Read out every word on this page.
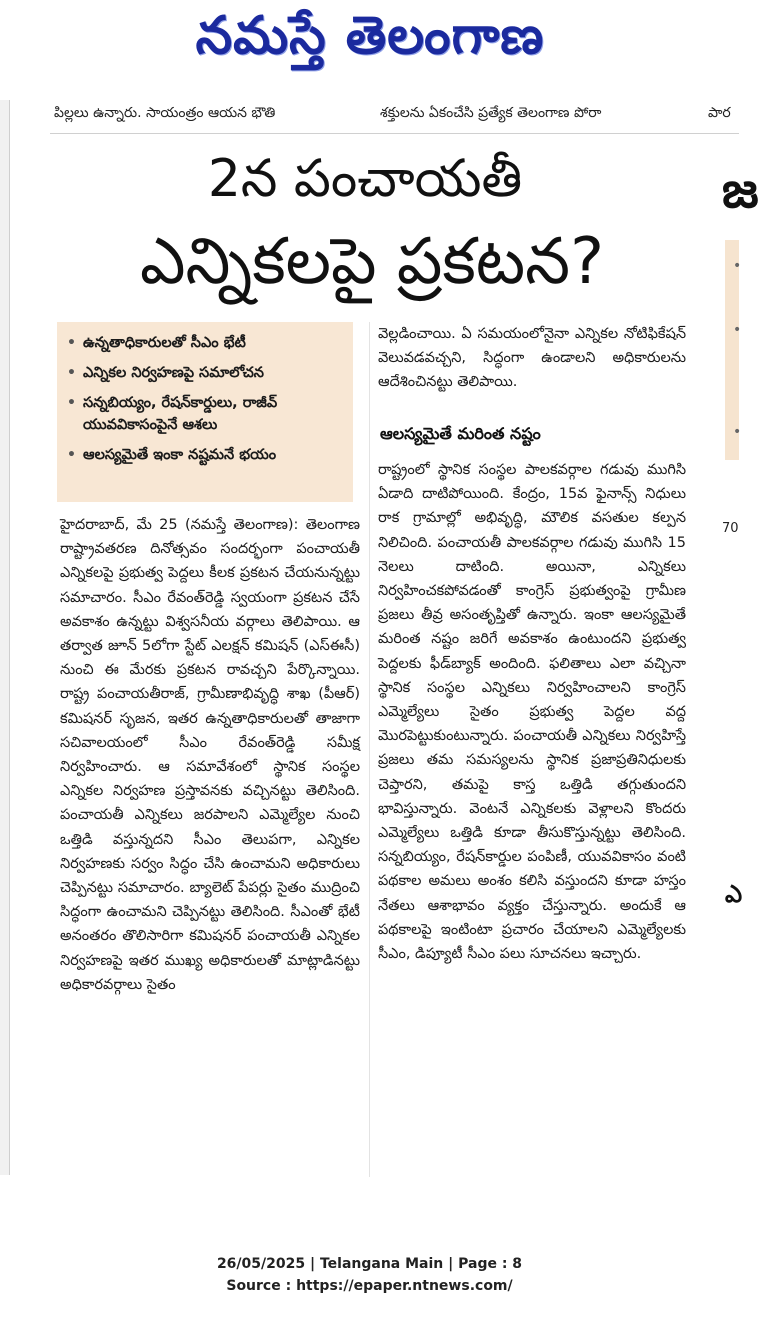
నమస్తే తెలంగాణ
పిల్లలు ఉన్నారు. సాయంత్రం ఆయన భౌతి	శక్తులను ఏకంచేసి ప్రత్యేక తెలంగాణ పోరా	పార
2న పంచాయతీ
ఎన్నికలపై ప్రకటన?
జ
•
•
•
70
ఎ
• ఉన్నతాధికారులతో సీఎం భేటీ
• ఎన్నికల నిర్వహణపై సమాలోచన
• సన్నబియ్యం, రేషన్‌కార్డులు, రాజీవ్ యువవికాసంపైనే ఆశలు
• ఆలస్యమైతే ఇంకా నష్టమనే భయం
హైదరాబాద్, మే 25 (నమస్తే తెలంగాణ): తెలంగాణ రాష్ట్రావతరణ దినోత్సవం సందర్భంగా పంచాయతీ ఎన్నికలపై ప్రభుత్వ పెద్దలు కీలక ప్రకటన చేయనున్నట్టు సమాచారం. సీఎం రేవంత్‌రెడ్డి స్వయంగా ప్రకటన చేసే అవకాశం ఉన్నట్టు విశ్వసనీయ వర్గాలు తెలిపాయి. ఆ తర్వాత జూన్ 5లోగా స్టేట్ ఎలక్షన్ కమిషన్ (ఎస్ఈసీ) నుంచి ఈ మేరకు ప్రకటన రావచ్చని పేర్కొన్నాయి. రాష్ట్ర పంచాయతీరాజ్, గ్రామీణాభివృద్ధి శాఖ (పీఆర్) కమిషనర్ సృజన, ఇతర ఉన్నతాధికారులతో తాజాగా సచివాలయంలో సీఎం రేవంత్‌రెడ్డి సమీక్ష నిర్వహించారు. ఆ సమావేశంలో స్థానిక సంస్థల ఎన్నికల నిర్వహణ ప్రస్తావనకు వచ్చినట్టు తెలిసింది. పంచాయతీ ఎన్నికలు జరపాలని ఎమ్మెల్యేల నుంచి ఒత్తిడి వస్తున్నదని సీఎం తెలుపగా, ఎన్నికల నిర్వహణకు సర్వం సిద్ధం చేసి ఉంచామని అధికారులు చెప్పినట్టు సమాచారం. బ్యాలెట్ పేపర్లు సైతం ముద్రించి సిద్ధంగా ఉంచామని చెప్పినట్టు తెలిసింది. సీఎంతో భేటీ అనంతరం తొలిసారిగా కమిషనర్ పంచాయతీ ఎన్నికల నిర్వహణపై ఇతర ముఖ్య అధికారులతో మాట్లాడినట్టు అధికారవర్గాలు సైతం
వెల్లడించాయి. ఏ సమయంలోనైనా ఎన్నికల నోటిఫికేషన్ వెలువడవచ్చని, సిద్ధంగా ఉండాలని అధికారులను ఆదేశించినట్టు తెలిపాయి.
ఆలస్యమైతే మరింత నష్టం
రాష్ట్రంలో స్థానిక సంస్థల పాలకవర్గాల గడువు ముగిసి ఏడాది దాటిపోయింది. కేంద్రం, 15వ ఫైనాన్స్ నిధులు రాక గ్రామాల్లో అభివృద్ధి, మౌలిక వసతుల కల్పన నిలిచింది. పంచాయతీ పాలకవర్గాల గడువు ముగిసి 15 నెలలు దాటింది. అయినా, ఎన్నికలు నిర్వహించకపోవడంతో కాంగ్రెస్ ప్రభుత్వంపై గ్రామీణ ప్రజలు తీవ్ర అసంతృప్తితో ఉన్నారు. ఇంకా ఆలస్యమైతే మరింత నష్టం జరిగే అవకాశం ఉంటుందని ప్రభుత్వ పెద్దలకు ఫీడ్‌బ్యాక్ అందింది. ఫలితాలు ఎలా వచ్చినా స్థానిక సంస్థల ఎన్నికలు నిర్వహించాలని కాంగ్రెస్ ఎమ్మెల్యేలు సైతం ప్రభుత్వ పెద్దల వద్ద మొరపెట్టుకుంటున్నారు. పంచాయతీ ఎన్నికలు నిర్వహిస్తే ప్రజలు తమ సమస్యలను స్థానిక ప్రజాప్రతినిధులకు చెప్తారని, తమపై కాస్త ఒత్తిడి తగ్గుతుందని భావిస్తున్నారు. వెంటనే ఎన్నికలకు వెళ్లాలని కొందరు ఎమ్మెల్యేలు ఒత్తిడి కూడా తీసుకొస్తున్నట్టు తెలిసింది. సన్నబియ్యం, రేషన్‌కార్డుల పంపిణీ, యువవికాసం వంటి పథకాల అమలు అంశం కలిసి వస్తుందని కూడా హస్తం నేతలు ఆశాభావం వ్యక్తం చేస్తున్నారు. అందుకే ఆ పథకాలపై ఇంటింటా ప్రచారం చేయాలని ఎమ్మెల్యేలకు సీఎం, డిప్యూటీ సీఎం పలు సూచనలు ఇచ్చారు.
26/05/2025 | Telangana Main | Page : 8
Source : https://epaper.ntnews.com/
